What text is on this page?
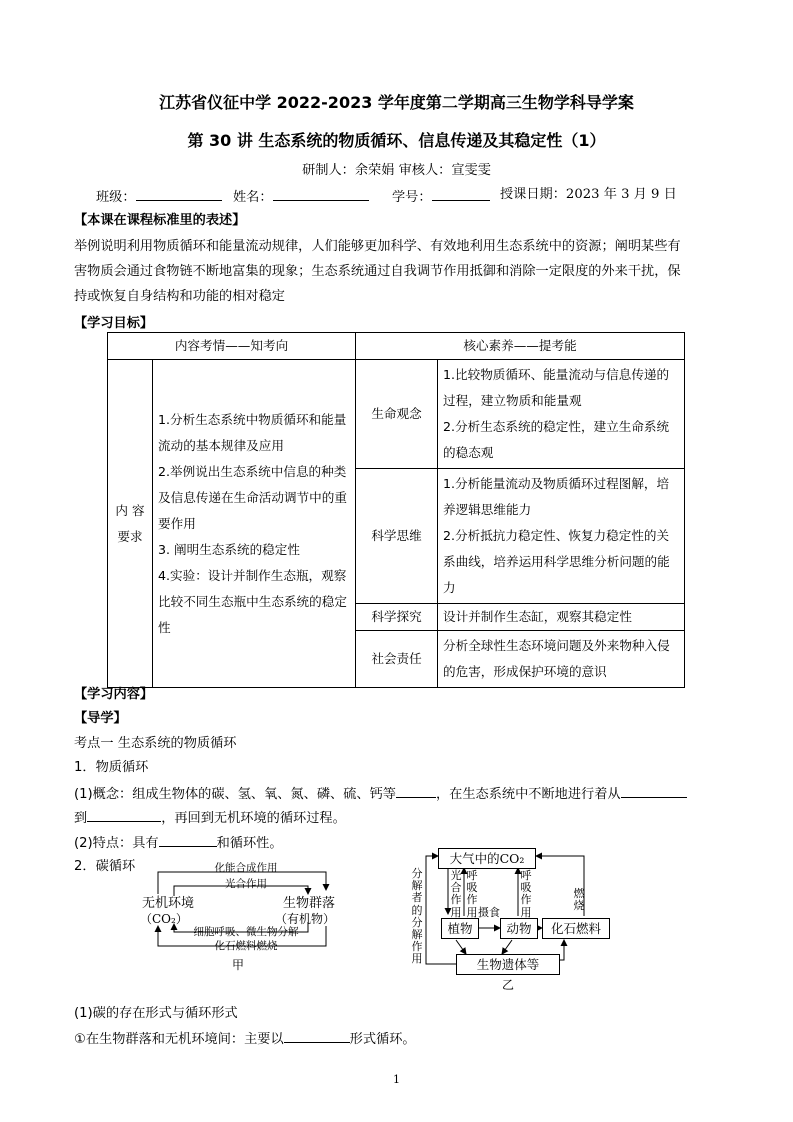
江苏省仪征中学 2022-2023 学年度第二学期高三生物学科导学案
第 30 讲 生态系统的物质循环、信息传递及其稳定性（1）
研制人：余荣娟 审核人：宣雯雯
班级：	姓名：	学号：	授课日期：2023 年 3 月 9 日
【本课在课程标准里的表述】
举例说明利用物质循环和能量流动规律，人们能够更加科学、有效地利用生态系统中的资源；阐明某些有
害物质会通过食物链不断地富集的现象；生态系统通过自我调节作用抵御和消除一定限度的外来干扰，保
持或恢复自身结构和功能的相对稳定
【学习目标】
内容考情——知考向		核心素养——提考能	
内 容
要求	1.分析生态系统中物质循环和能量流动的基本规律及应用
2.举例说出生态系统中信息的种类及信息传递在生命活动调节中的重要作用
3. 阐明生态系统的稳定性
4.实验：设计并制作生态瓶，观察比较不同生态瓶中生态系统的稳定性	生命观念	1.比较物质循环、能量流动与信息传递的过程，建立物质和能量观
2.分析生态系统的稳定性，建立生命系统的稳态观
		科学思维	1.分析能量流动及物质循环过程图解，培养逻辑思维能力
2.分析抵抗力稳定性、恢复力稳定性的关系曲线，培养运用科学思维分析问题的能力
		科学探究	设计并制作生态缸，观察其稳定性
		社会责任	分析全球性生态环境问题及外来物种入侵的危害，形成保护环境的意识
【学习内容】
【导学】
考点一 生态系统的物质循环
1．物质循环
(1)概念：组成生物体的碳、氢、氧、氮、磷、硫、钙等	，在生态系统中不断地进行着从
到	，再回到无机环境的循环过程。
(2)特点：具有	和循环性。
2．碳循环	化能合成作用
光合作用
无机环境
（CO₂）
生物群落
（有机物）
细胞呼吸、微生物分解
化石燃料燃烧
甲
大气中的CO₂
植物	动物	化石燃料
生物遗体等
分解者的分解作用
光合作用
呼吸作用
呼吸作用
燃烧
摄食
乙
(1)碳的存在形式与循环形式
①在生物群落和无机环境间：主要以	形式循环。
1
